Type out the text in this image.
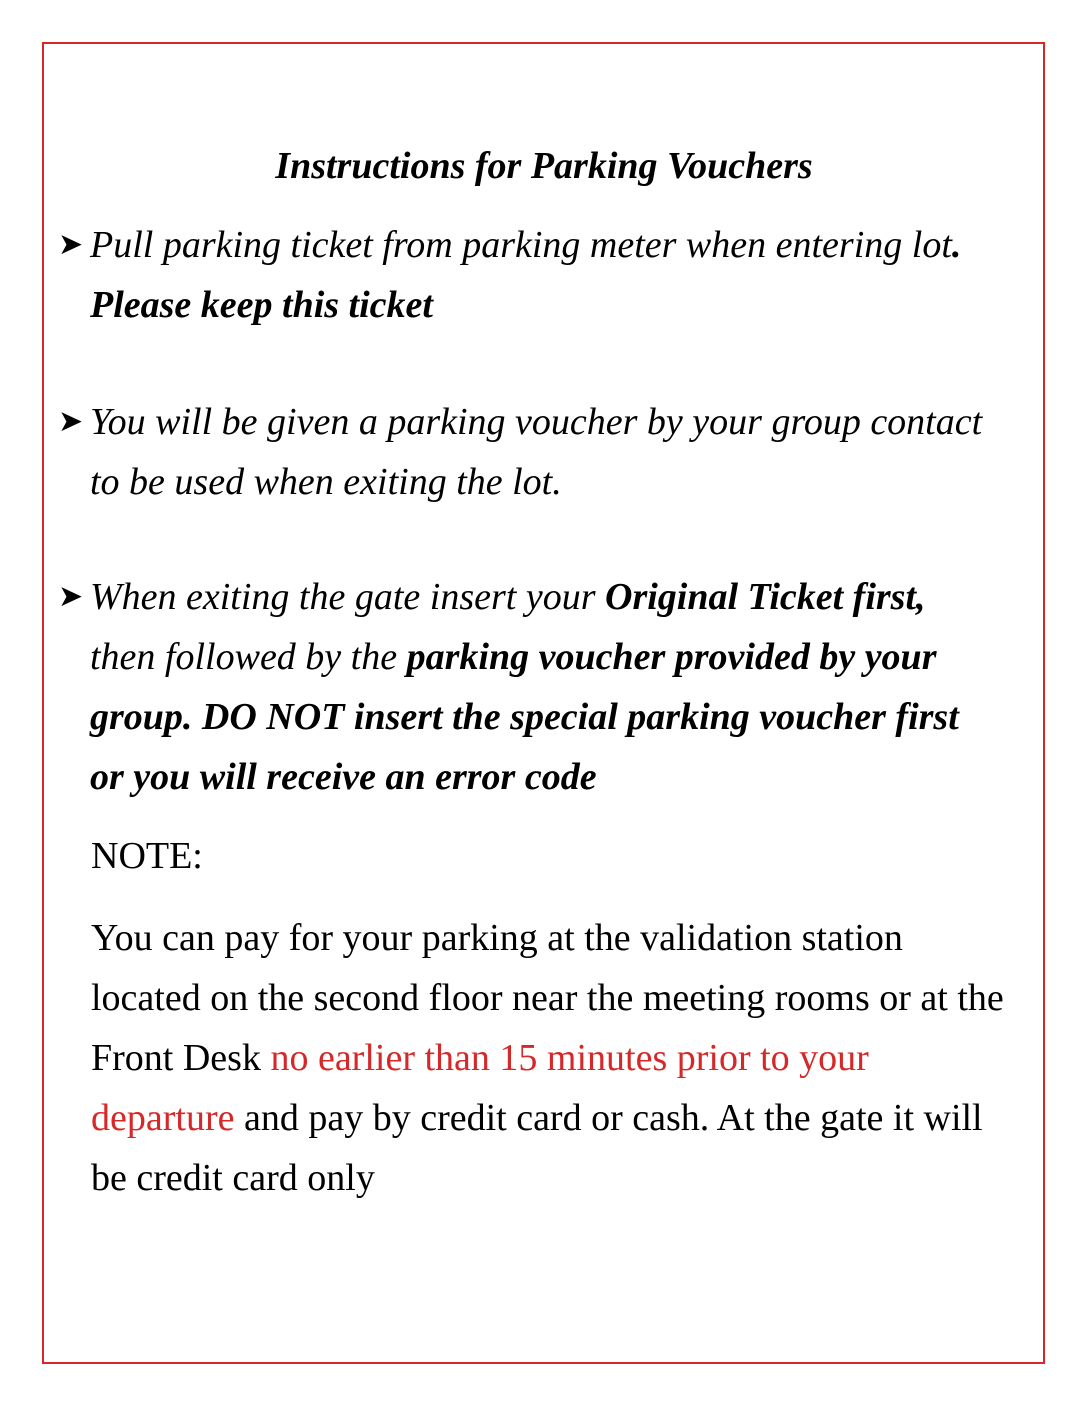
Instructions for Parking Vouchers
➤ Pull parking ticket from parking meter when entering lot. Please keep this ticket
➤ You will be given a parking voucher by your group contact to be used when exiting the lot.
➤ When exiting the gate insert your Original Ticket first, then followed by the parking voucher provided by your group. DO NOT insert the special parking voucher first or you will receive an error code
NOTE:
You can pay for your parking at the validation station located on the second floor near the meeting rooms or at the Front Desk no earlier than 15 minutes prior to your departure and pay by credit card or cash. At the gate it will be credit card only
